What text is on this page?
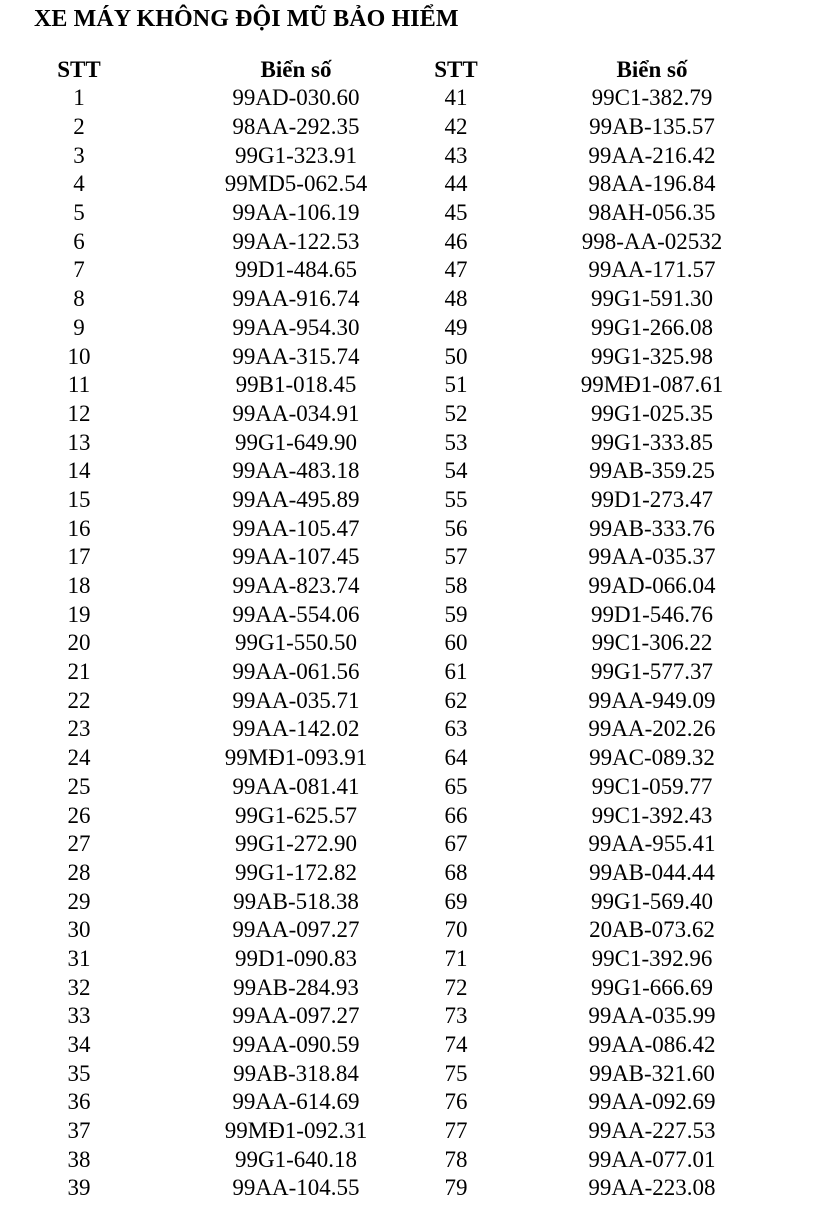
XE MÁY KHÔNG ĐỘI MŨ BẢO HIỂM
STT	Biển số	STT	Biển số
1	99AD-030.60	41	99C1-382.79
2	98AA-292.35	42	99AB-135.57
3	99G1-323.91	43	99AA-216.42
4	99MD5-062.54	44	98AA-196.84
5	99AA-106.19	45	98AH-056.35
6	99AA-122.53	46	998-AA-02532
7	99D1-484.65	47	99AA-171.57
8	99AA-916.74	48	99G1-591.30
9	99AA-954.30	49	99G1-266.08
10	99AA-315.74	50	99G1-325.98
11	99B1-018.45	51	99MĐ1-087.61
12	99AA-034.91	52	99G1-025.35
13	99G1-649.90	53	99G1-333.85
14	99AA-483.18	54	99AB-359.25
15	99AA-495.89	55	99D1-273.47
16	99AA-105.47	56	99AB-333.76
17	99AA-107.45	57	99AA-035.37
18	99AA-823.74	58	99AD-066.04
19	99AA-554.06	59	99D1-546.76
20	99G1-550.50	60	99C1-306.22
21	99AA-061.56	61	99G1-577.37
22	99AA-035.71	62	99AA-949.09
23	99AA-142.02	63	99AA-202.26
24	99MĐ1-093.91	64	99AC-089.32
25	99AA-081.41	65	99C1-059.77
26	99G1-625.57	66	99C1-392.43
27	99G1-272.90	67	99AA-955.41
28	99G1-172.82	68	99AB-044.44
29	99AB-518.38	69	99G1-569.40
30	99AA-097.27	70	20AB-073.62
31	99D1-090.83	71	99C1-392.96
32	99AB-284.93	72	99G1-666.69
33	99AA-097.27	73	99AA-035.99
34	99AA-090.59	74	99AA-086.42
35	99AB-318.84	75	99AB-321.60
36	99AA-614.69	76	99AA-092.69
37	99MĐ1-092.31	77	99AA-227.53
38	99G1-640.18	78	99AA-077.01
39	99AA-104.55	79	99AA-223.08
